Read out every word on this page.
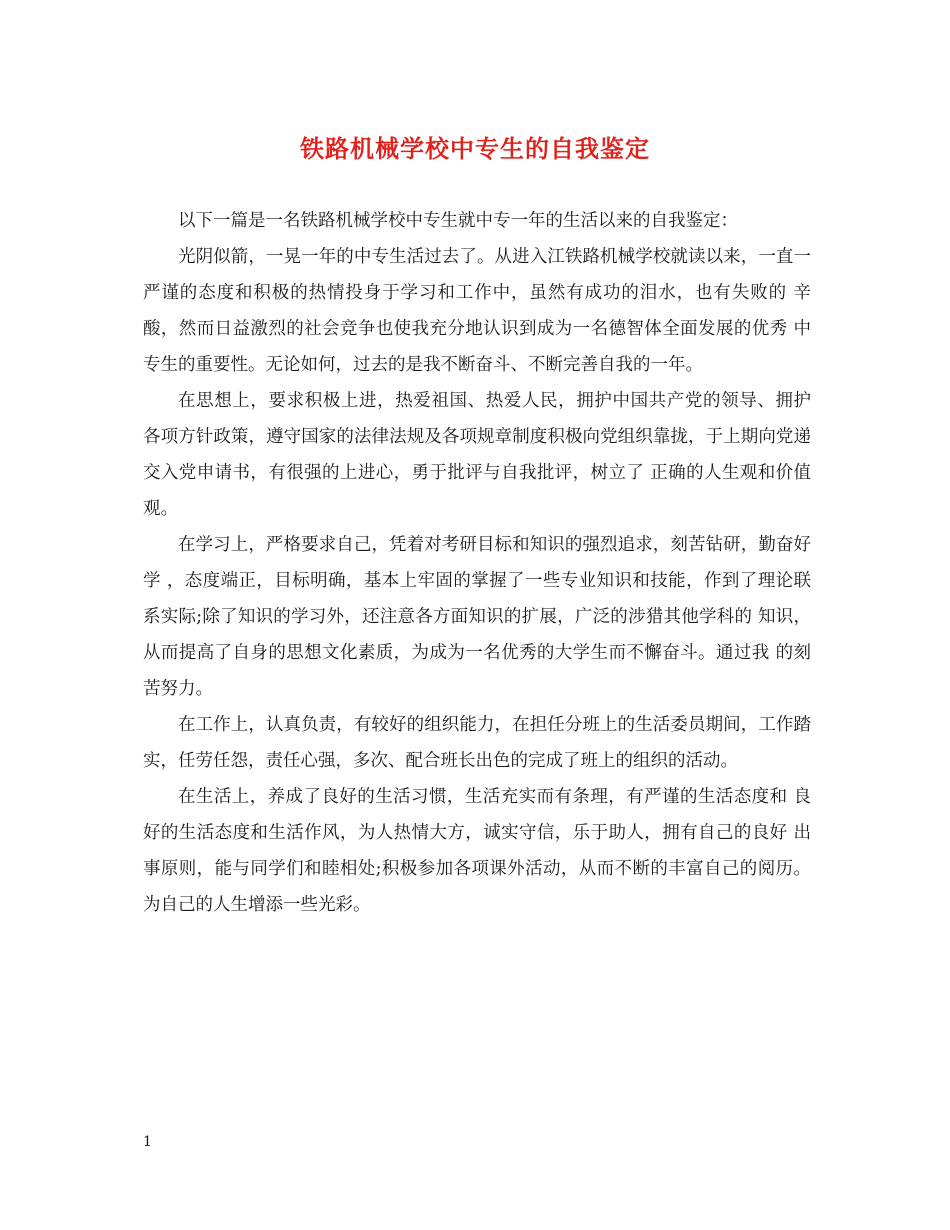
铁路机械学校中专生的自我鉴定

以下一篇是一名铁路机械学校中专生就中专一年的生活以来的自我鉴定：

光阴似箭，一晃一年的中专生活过去了。从进入江铁路机械学校就读以来，一直一严谨的态度和积极的热情投身于学习和工作中，虽然有成功的泪水，也有失败的 辛酸，然而日益激烈的社会竞争也使我充分地认识到成为一名德智体全面发展的优秀 中专生的重要性。无论如何，过去的是我不断奋斗、不断完善自我的一年。

在思想上，要求积极上进，热爱祖国、热爱人民，拥护中国共产党的领导、拥护 各项方针政策，遵守国家的法律法规及各项规章制度积极向党组织靠拢，于上期向党递交入党申请书，有很强的上进心，勇于批评与自我批评，树立了 正确的人生观和价值观。

在学习上，严格要求自己，凭着对考研目标和知识的强烈追求，刻苦钻研，勤奋好学 ，态度端正，目标明确，基本上牢固的掌握了一些专业知识和技能，作到了理论联系实际;除了知识的学习外，还注意各方面知识的扩展，广泛的涉猎其他学科的 知识，从而提高了自身的思想文化素质，为成为一名优秀的大学生而不懈奋斗。通过我 的刻苦努力。

在工作上，认真负责，有较好的组织能力，在担任分班上的生活委员期间，工作踏实，任劳任怨，责任心强，多次、配合班长出色的完成了班上的组织的活动。

在生活上，养成了良好的生活习惯，生活充实而有条理，有严谨的生活态度和 良好的生活态度和生活作风，为人热情大方，诚实守信，乐于助人，拥有自己的良好 出事原则，能与同学们和睦相处;积极参加各项课外活动，从而不断的丰富自己的阅历。为自己的人生增添一些光彩。

1
